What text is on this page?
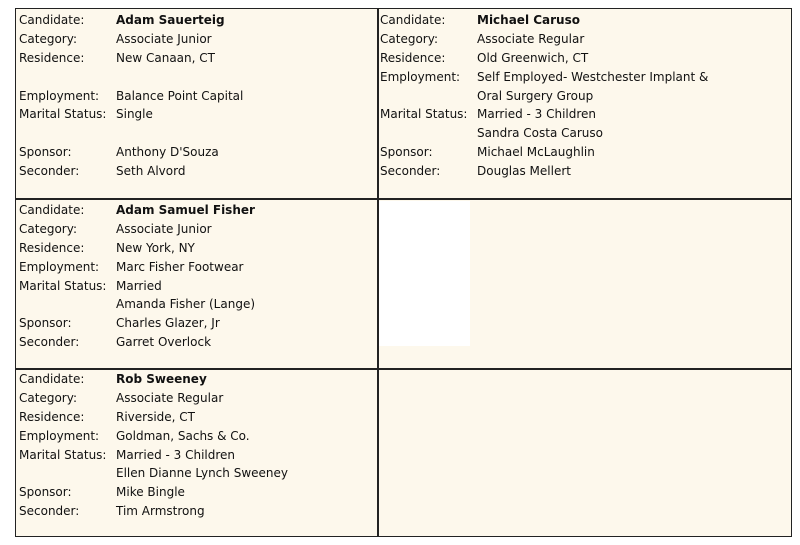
Candidate:	Adam Sauerteig
Category:	Associate Junior
Residence:	New Canaan, CT
Employment:	Balance Point Capital
Marital Status: Single
Sponsor:	Anthony D'Souza
Seconder:	Seth Alvord
Candidate:	Michael Caruso
Category:	Associate Regular
Residence:	Old Greenwich, CT
Employment:	Self Employed- Westchester Implant &
Oral Surgery Group
Marital Status: Married - 3 Children
Sandra Costa Caruso
Sponsor:	Michael McLaughlin
Seconder:	Douglas Mellert
Candidate:	Adam Samuel Fisher
Category:	Associate Junior
Residence:	New York, NY
Employment:	Marc Fisher Footwear
Marital Status: Married
Amanda Fisher (Lange)
Sponsor:	Charles Glazer, Jr
Seconder:	Garret Overlock
Candidate:	Rob Sweeney
Category:	Associate Regular
Residence:	Riverside, CT
Employment:	Goldman, Sachs & Co.
Marital Status: Married - 3 Children
Ellen Dianne Lynch Sweeney
Sponsor:	Mike Bingle
Seconder:	Tim Armstrong
